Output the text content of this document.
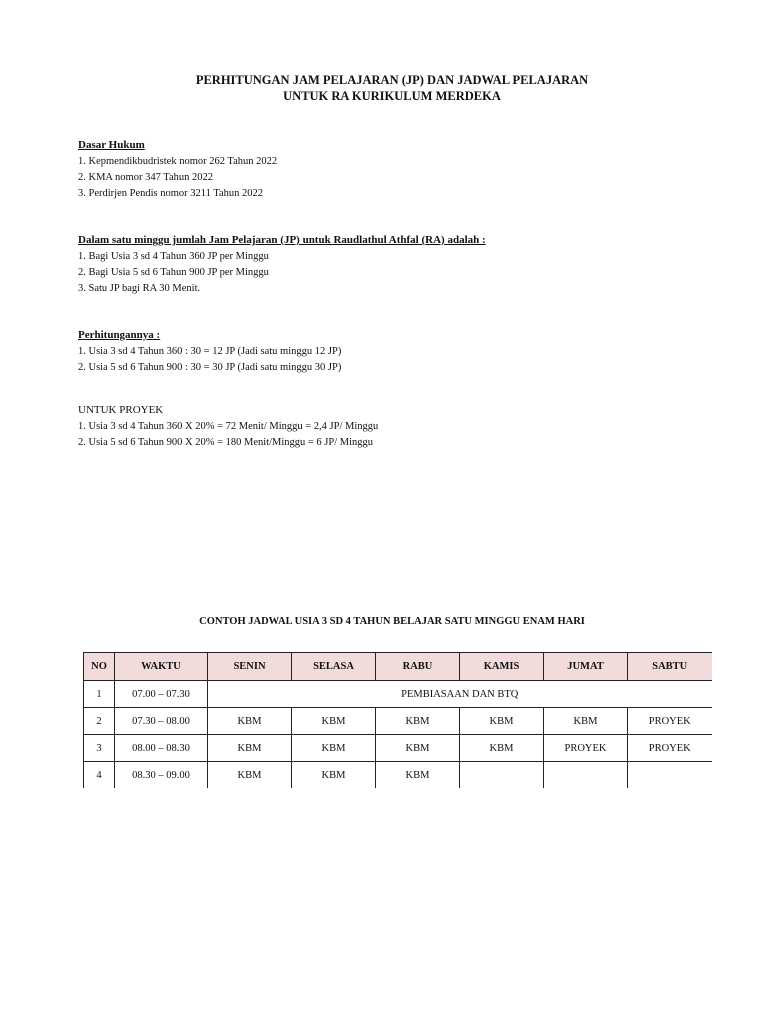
PERHITUNGAN JAM PELAJARAN (JP) DAN JADWAL PELAJARAN
UNTUK RA KURIKULUM MERDEKA
Dasar Hukum
1. Kepmendikbudristek nomor 262 Tahun 2022
2. KMA nomor 347 Tahun 2022
3. Perdirjen Pendis nomor 3211 Tahun 2022
Dalam satu minggu jumlah Jam Pelajaran (JP) untuk Raudlathul Athfal (RA) adalah :
1. Bagi Usia 3 sd 4 Tahun 360 JP per Minggu
2. Bagi Usia 5 sd 6 Tahun 900 JP per Minggu
3. Satu JP bagi RA 30 Menit.
Perhitungannya :
1. Usia 3 sd 4 Tahun 360 : 30 = 12 JP (Jadi satu minggu 12 JP)
2. Usia 5 sd 6 Tahun 900 : 30 = 30 JP (Jadi satu minggu 30 JP)
UNTUK PROYEK
1. Usia 3 sd 4 Tahun 360 X 20% = 72 Menit/ Minggu = 2,4 JP/ Minggu
2. Usia 5 sd 6 Tahun 900 X 20% = 180 Menit/Minggu = 6 JP/ Minggu
CONTOH JADWAL USIA 3 SD 4 TAHUN BELAJAR SATU MINGGU ENAM HARI
NO	WAKTU	SENIN	SELASA	RABU	KAMIS	JUMAT	SABTU
1	07.00 – 07.30	PEMBIASAAN DAN BTQ					
2	07.30 – 08.00	KBM	KBM	KBM	KBM	KBM	PROYEK
3	08.00 – 08.30	KBM	KBM	KBM	KBM	PROYEK	PROYEK
4	08.30 – 09.00	KBM	KBM	KBM			
